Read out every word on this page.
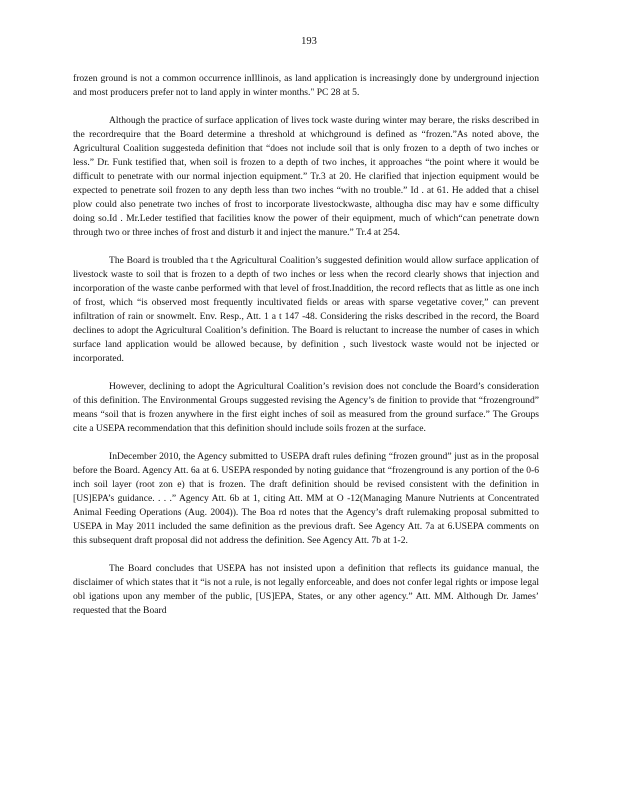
193

frozen ground is not a common occurrence inIllinois, as land application is increasingly done by underground injection and most producers prefer not to land apply in winter months." PC 28 at 5.

Although the practice of surface application of lives tock waste during winter may berare, the risks described in the recordrequire that the Board determine a threshold at whichground is defined as “frozen.”As noted above, the Agricultural Coalition suggesteda definition that “does not include soil that is only frozen to a depth of two inches or less.” Dr. Funk testified that, when soil is frozen to a depth of two inches, it approaches “the point where it would be difficult to penetrate with our normal injection equipment.” Tr.3 at 20. He clarified that injection equipment would be expected to penetrate soil frozen to any depth less than two inches “with no trouble.” Id . at 61. He added that a chisel plow could also penetrate two inches of frost to incorporate livestockwaste, althougha disc may hav e some difficulty doing so.Id . Mr.Leder testified that facilities know the power of their equipment, much of which“can penetrate down through two or three inches of frost and disturb it and inject the manure.” Tr.4 at 254.

The Board is troubled tha t the Agricultural Coalition’s suggested definition would allow surface application of livestock waste to soil that is frozen to a depth of two inches or less when the record clearly shows that injection and incorporation of the waste canbe performed with that level of frost.Inaddition, the record reflects that as little as one inch of frost, which “is observed most frequently incultivated fields or areas with sparse vegetative cover,” can prevent infiltration of rain or snowmelt. Env. Resp., Att. 1 a t 147 -48. Considering the risks described in the record, the Board declines to adopt the Agricultural Coalition’s definition. The Board is reluctant to increase the number of cases in which surface land application would be allowed because, by definition , such livestock waste would not be injected or incorporated.

However, declining to adopt the Agricultural Coalition’s revision does not conclude the Board’s consideration of this definition. The Environmental Groups suggested revising the Agency’s de finition to provide that “frozenground” means “soil that is frozen anywhere in the first eight inches of soil as measured from the ground surface.” The Groups cite a USEPA recommendation that this definition should include soils frozen at the surface.

InDecember 2010, the Agency submitted to USEPA draft rules defining “frozen ground” just as in the proposal before the Board. Agency Att. 6a at 6. USEPA responded by noting guidance that “frozenground is any portion of the 0-6 inch soil layer (root zon e) that is frozen. The draft definition should be revised consistent with the definition in [US]EPA’s guidance. . . .” Agency Att. 6b at 1, citing Att. MM at O -12(Managing Manure Nutrients at Concentrated Animal Feeding Operations (Aug. 2004)). The Boa rd notes that the Agency’s draft rulemaking proposal submitted to USEPA in May 2011 included the same definition as the previous draft. See Agency Att. 7a at 6.USEPA comments on this subsequent draft proposal did not address the definition. See Agency Att. 7b at 1-2.

The Board concludes that USEPA has not insisted upon a definition that reflects its guidance manual, the disclaimer of which states that it “is not a rule, is not legally enforceable, and does not confer legal rights or impose legal obl igations upon any member of the public, [US]EPA, States, or any other agency.” Att. MM. Although Dr. James’ requested that the Board
